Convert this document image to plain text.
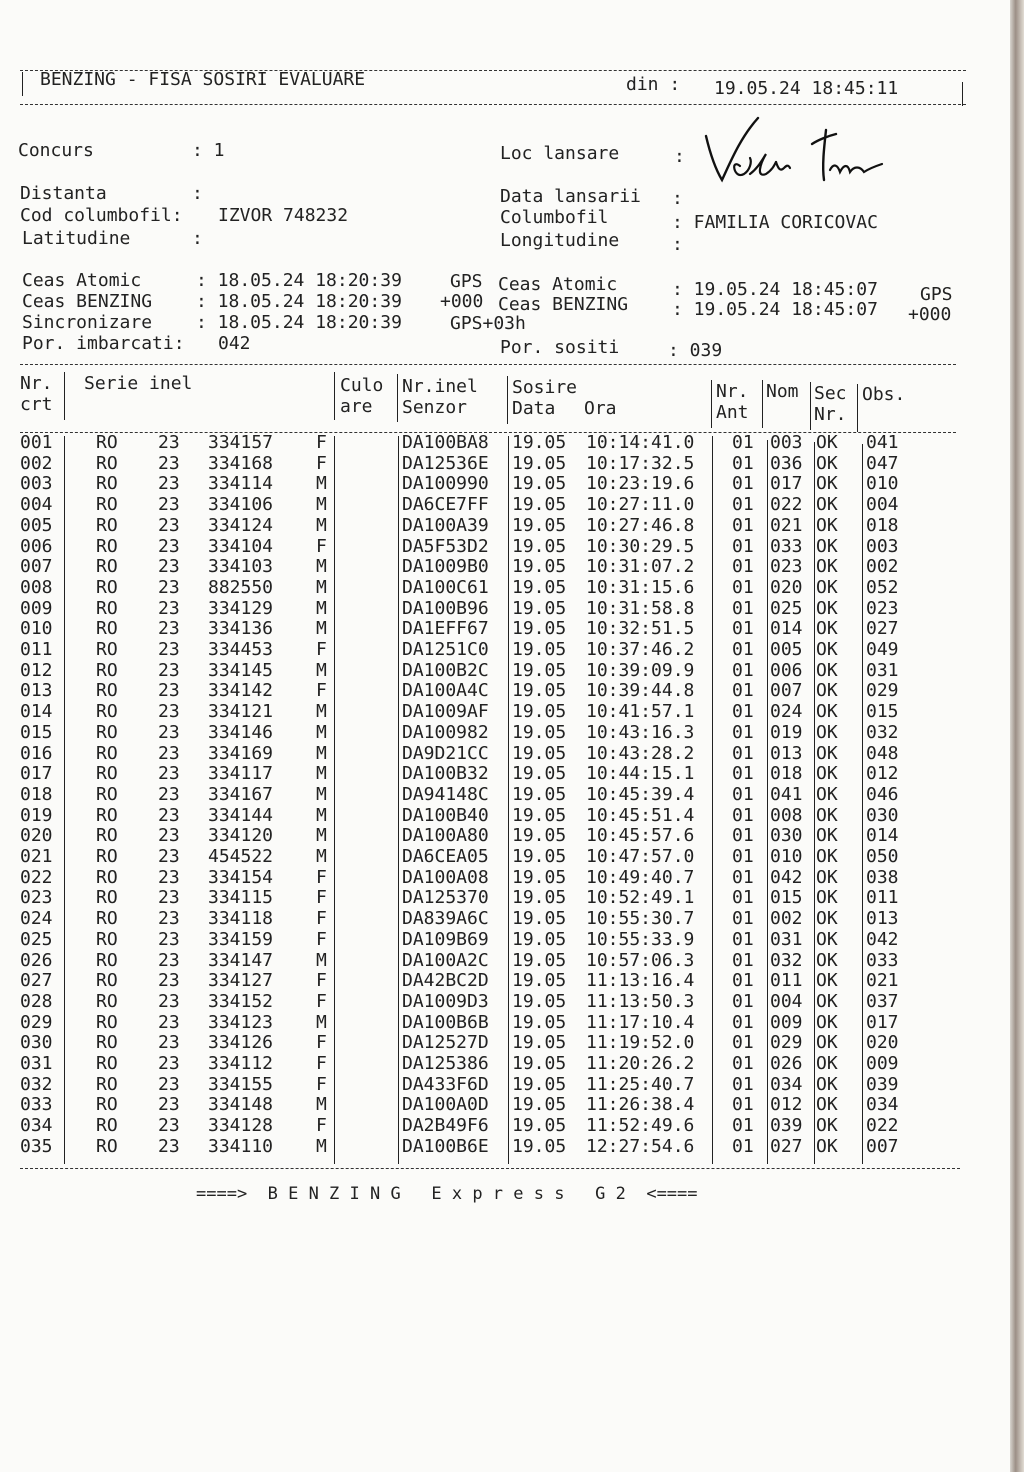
BENZING - FISA SOSIRI EVALUARE	din : 19.05.24 18:45:11
Concurs	: 1	Loc lansare	:
Distanta	:
Cod columbofil: IZVOR 748232
Latitudine	:
Data lansarii :
Columbofil	: FAMILIA CORICOVAC
Longitudine	:
Ceas Atomic	: 18.05.24 18:20:39	GPS
Ceas BENZING : 18.05.24 18:20:39 +000
Sincronizare : 18.05.24 18:20:39	GPS+03h
Ceas Atomic	: 19.05.24 18:45:07 GPS
Ceas BENZING : 19.05.24 18:45:07 +000
Por. imbarcati: 042	Por. sositi	: 039
Nr.
crt
Serie inel	Culo
are
Nr.inel
Senzor
Sosire
Data Ora
Nr.
Ant
Nom Sec
Nr.
Obs.
001 RO 23 334157 F	DA100BA8 19.05 10:14:41.0 01 003 OK 041
002 RO 23 334168 F	DA12536E 19.05 10:17:32.5 01 036 OK 047
003 RO 23 334114 M	DA100990 19.05 10:23:19.6 01 017 OK 010
004 RO 23 334106 M	DA6CE7FF 19.05 10:27:11.0 01 022 OK 004
005 RO 23 334124 M	DA100A39 19.05 10:27:46.8 01 021 OK 018
006 RO 23 334104 F	DA5F53D2 19.05 10:30:29.5 01 033 OK 003
007 RO 23 334103 M	DA1009B0 19.05 10:31:07.2 01 023 OK 002
008 RO 23 882550 M	DA100C61 19.05 10:31:15.6 01 020 OK 052
009 RO 23 334129 M	DA100B96 19.05 10:31:58.8 01 025 OK 023
010 RO 23 334136 M	DA1EFF67 19.05 10:32:51.5 01 014 OK 027
011 RO 23 334453 F	DA1251C0 19.05 10:37:46.2 01 005 OK 049
012 RO 23 334145 M	DA100B2C 19.05 10:39:09.9 01 006 OK 031
013 RO 23 334142 F	DA100A4C 19.05 10:39:44.8 01 007 OK 029
014 RO 23 334121 M	DA1009AF 19.05 10:41:57.1 01 024 OK 015
015 RO 23 334146 M	DA100982 19.05 10:43:16.3 01 019 OK 032
016 RO 23 334169 M	DA9D21CC 19.05 10:43:28.2 01 013 OK 048
017 RO 23 334117 M	DA100B32 19.05 10:44:15.1 01 018 OK 012
018 RO 23 334167 M	DA94148C 19.05 10:45:39.4 01 041 OK 046
019 RO 23 334144 M	DA100B40 19.05 10:45:51.4 01 008 OK 030
020 RO 23 334120 M	DA100A80 19.05 10:45:57.6 01 030 OK 014
021 RO 23 454522 M	DA6CEA05 19.05 10:47:57.0 01 010 OK 050
022 RO 23 334154 F	DA100A08 19.05 10:49:40.7 01 042 OK 038
023 RO 23 334115 F	DA125370 19.05 10:52:49.1 01 015 OK 011
024 RO 23 334118 F	DA839A6C 19.05 10:55:30.7 01 002 OK 013
025 RO 23 334159 F	DA109B69 19.05 10:55:33.9 01 031 OK 042
026 RO 23 334147 M	DA100A2C 19.05 10:57:06.3 01 032 OK 033
027 RO 23 334127 F	DA42BC2D 19.05 11:13:16.4 01 011 OK 021
028 RO 23 334152 F	DA1009D3 19.05 11:13:50.3 01 004 OK 037
029 RO 23 334123 M	DA100B6B 19.05 11:17:10.4 01 009 OK 017
030 RO 23 334126 F	DA12527D 19.05 11:19:52.0 01 029 OK 020
031 RO 23 334112 F	DA125386 19.05 11:20:26.2 01 026 OK 009
032 RO 23 334155 F	DA433F6D 19.05 11:25:40.7 01 034 OK 039
033 RO 23 334148 M	DA100A0D 19.05 11:26:38.4 01 012 OK 034
034 RO 23 334128 F	DA2B49F6 19.05 11:52:49.6 01 039 OK 022
035 RO 23 334110 M	DA100B6E 19.05 12:27:54.6 01 027 OK 007
====>  B E N Z I N G   E x p r e s s   G 2  <====
